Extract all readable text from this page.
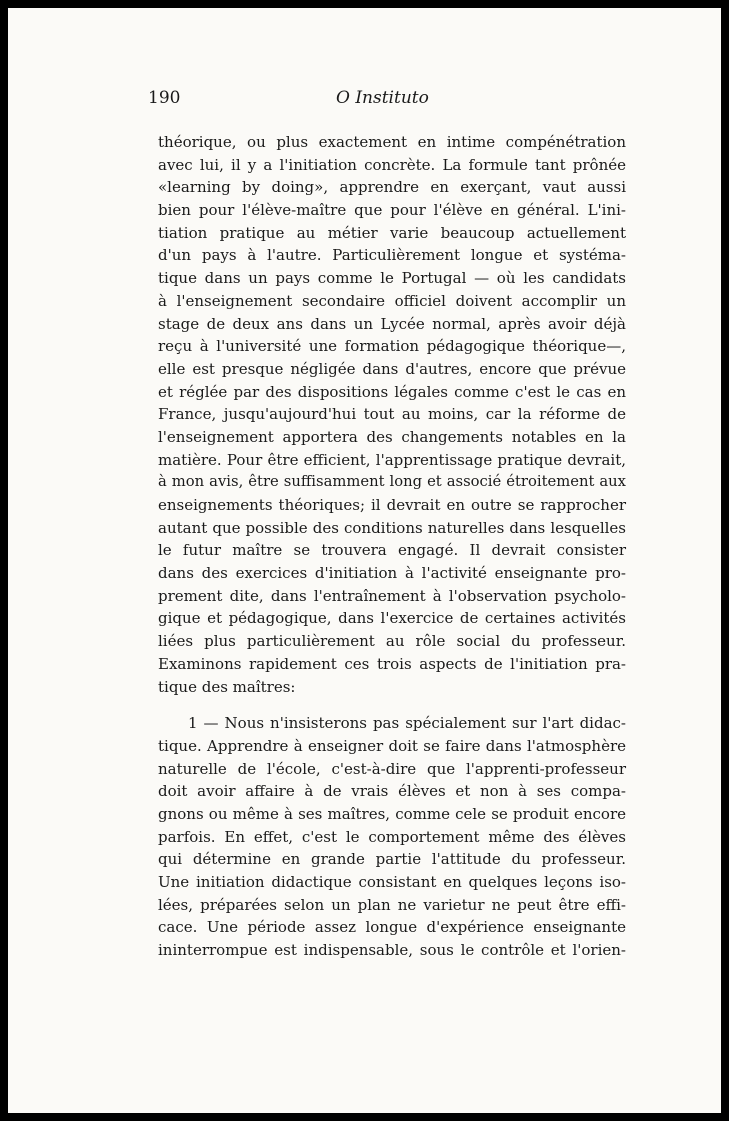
190	O Instituto
théorique, ou plus exactement en intime compénétration
avec lui, il y a l'initiation concrète. La formule tant prônée
«learning by doing», apprendre en exerçant, vaut aussi
bien pour l'élève-maître que pour l'élève en général. L'ini-
tiation pratique au métier varie beaucoup actuellement
d'un pays à l'autre. Particulièrement longue et systéma-
tique dans un pays comme le Portugal — où les candidats
à l'enseignement secondaire officiel doivent accomplir un
stage de deux ans dans un Lycée normal, après avoir déjà
reçu à l'université une formation pédagogique théorique—,
elle est presque négligée dans d'autres, encore que prévue
et réglée par des dispositions légales comme c'est le cas en
France, jusqu'aujourd'hui tout au moins, car la réforme de
l'enseignement apportera des changements notables en la
matière. Pour être efficient, l'apprentissage pratique devrait,
à mon avis, être suffisamment long et associé étroitement aux
enseignements théoriques; il devrait en outre se rapprocher
autant que possible des conditions naturelles dans lesquelles
le futur maître se trouvera engagé. Il devrait consister
dans des exercices d'initiation à l'activité enseignante pro-
prement dite, dans l'entraînement à l'observation psycholo-
gique et pédagogique, dans l'exercice de certaines activités
liées plus particulièrement au rôle social du professeur.
Examinons rapidement ces trois aspects de l'initiation pra-
tique des maîtres:
1 — Nous n'insisterons pas spécialement sur l'art didac-
tique. Apprendre à enseigner doit se faire dans l'atmosphère
naturelle de l'école, c'est-à-dire que l'apprenti-professeur
doit avoir affaire à de vrais élèves et non à ses compa-
gnons ou même à ses maîtres, comme cele se produit encore
parfois. En effet, c'est le comportement même des élèves
qui détermine en grande partie l'attitude du professeur.
Une initiation didactique consistant en quelques leçons iso-
lées, préparées selon un plan ne varietur ne peut être effi-
cace. Une période assez longue d'expérience enseignante
ininterrompue est indispensable, sous le contrôle et l'orien-
